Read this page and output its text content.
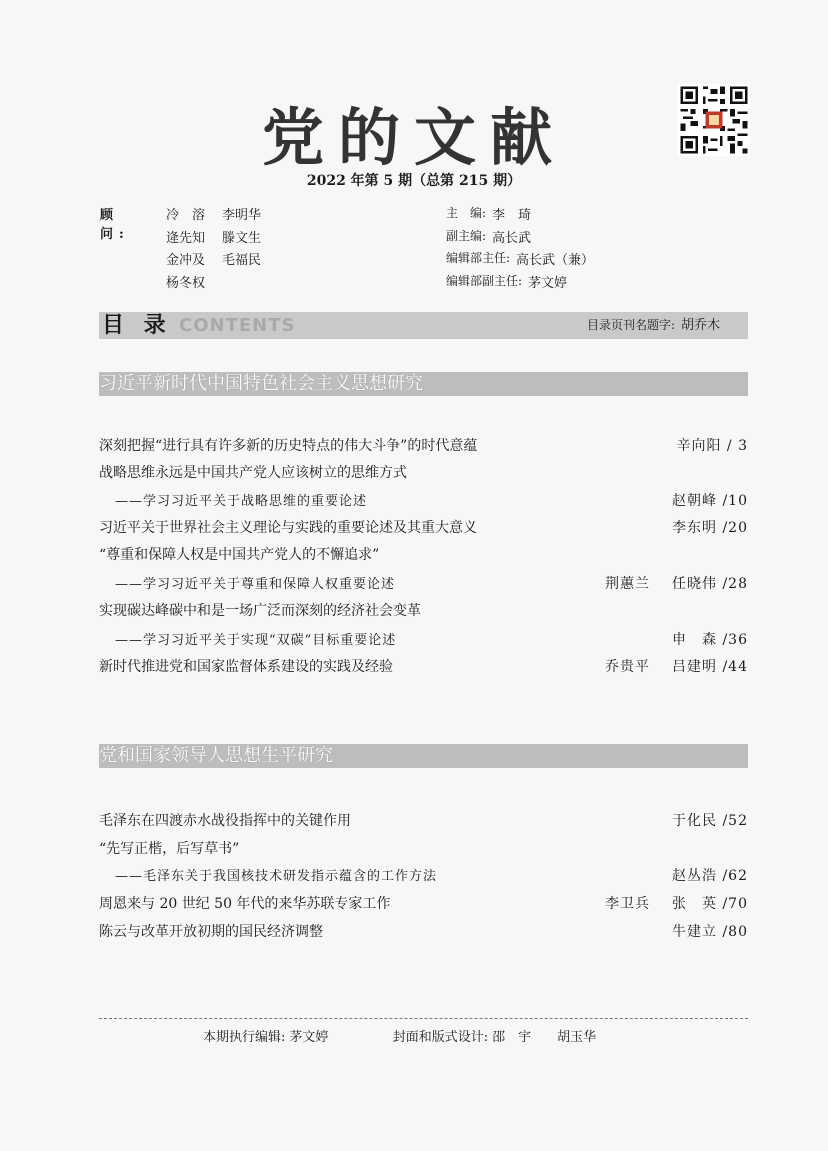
党的文献
2022 年第 5 期（总第 215 期）
顾　问:
冷　溶	李明华
逄先知	滕文生
金冲及	毛福民
杨冬权
主　编: 李　琦
副主编: 高长武
编辑部主任: 高长武（兼）
编辑部副主任: 茅文婷
目 录 CONTENTS	目录页刊名题字: 胡乔木
习近平新时代中国特色社会主义思想研究
深刻把握“进行具有许多新的历史特点的伟大斗争”的时代意蕴	辛向阳 / 3
战略思维永远是中国共产党人应该树立的思维方式
——学习习近平关于战略思维的重要论述	赵朝峰 /10
习近平关于世界社会主义理论与实践的重要论述及其重大意义	李东明 /20
“尊重和保障人权是中国共产党人的不懈追求”
——学习习近平关于尊重和保障人权重要论述	荆蕙兰 任晓伟 /28
实现碳达峰碳中和是一场广泛而深刻的经济社会变革
——学习习近平关于实现“双碳”目标重要论述	申　森 /36
新时代推进党和国家监督体系建设的实践及经验	乔贵平 吕建明 /44
党和国家领导人思想生平研究
毛泽东在四渡赤水战役指挥中的关键作用	于化民 /52
“先写正楷，后写草书”
——毛泽东关于我国核技术研发指示蕴含的工作方法	赵丛浩 /62
周恩来与 20 世纪 50 年代的来华苏联专家工作	李卫兵 张　英 /70
陈云与改革开放初期的国民经济调整	牛建立 /80
本期执行编辑: 茅文婷	封面和版式设计: 邵　宇　　胡玉华
